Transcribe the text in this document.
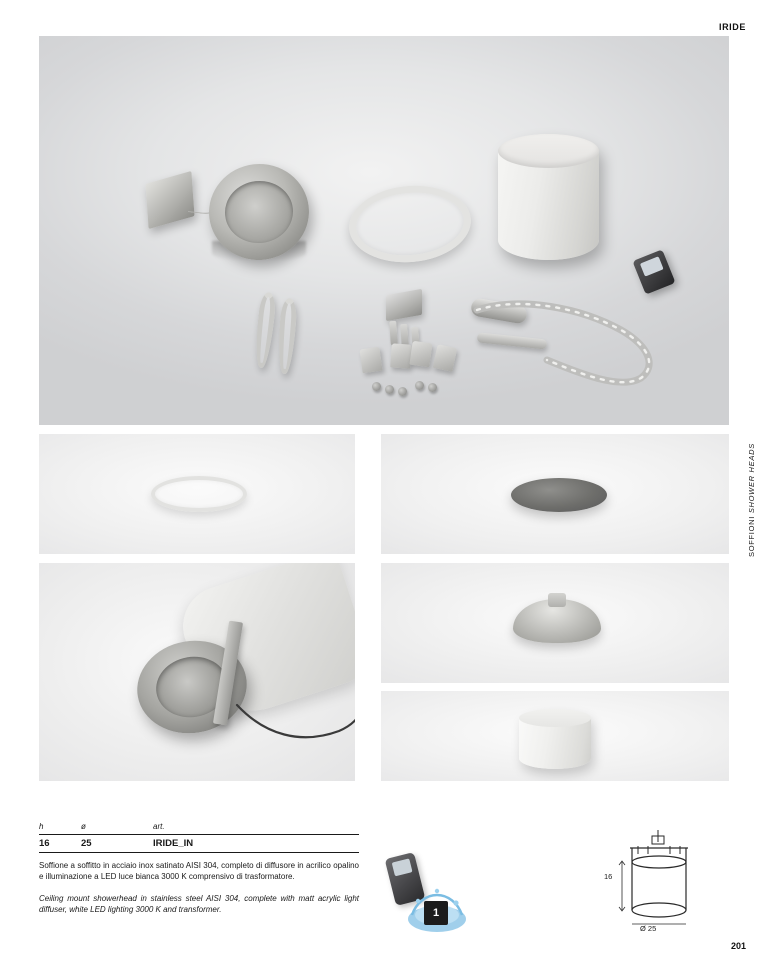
IRIDE
SOFFIONI SHOWER HEADS
h	ø	art.
16	25	IRIDE_IN
Soffione a soffitto in acciaio inox satinato AISI 304, completo di diffusore in acrilico opalino e illuminazione a LED luce bianca 3000 K comprensivo di trasformatore.
Ceiling mount showerhead in stainless steel AISI 304, complete with matt acrylic light diffuser, white LED lighting 3000 K and transformer.	1
16
Ø 25
201
